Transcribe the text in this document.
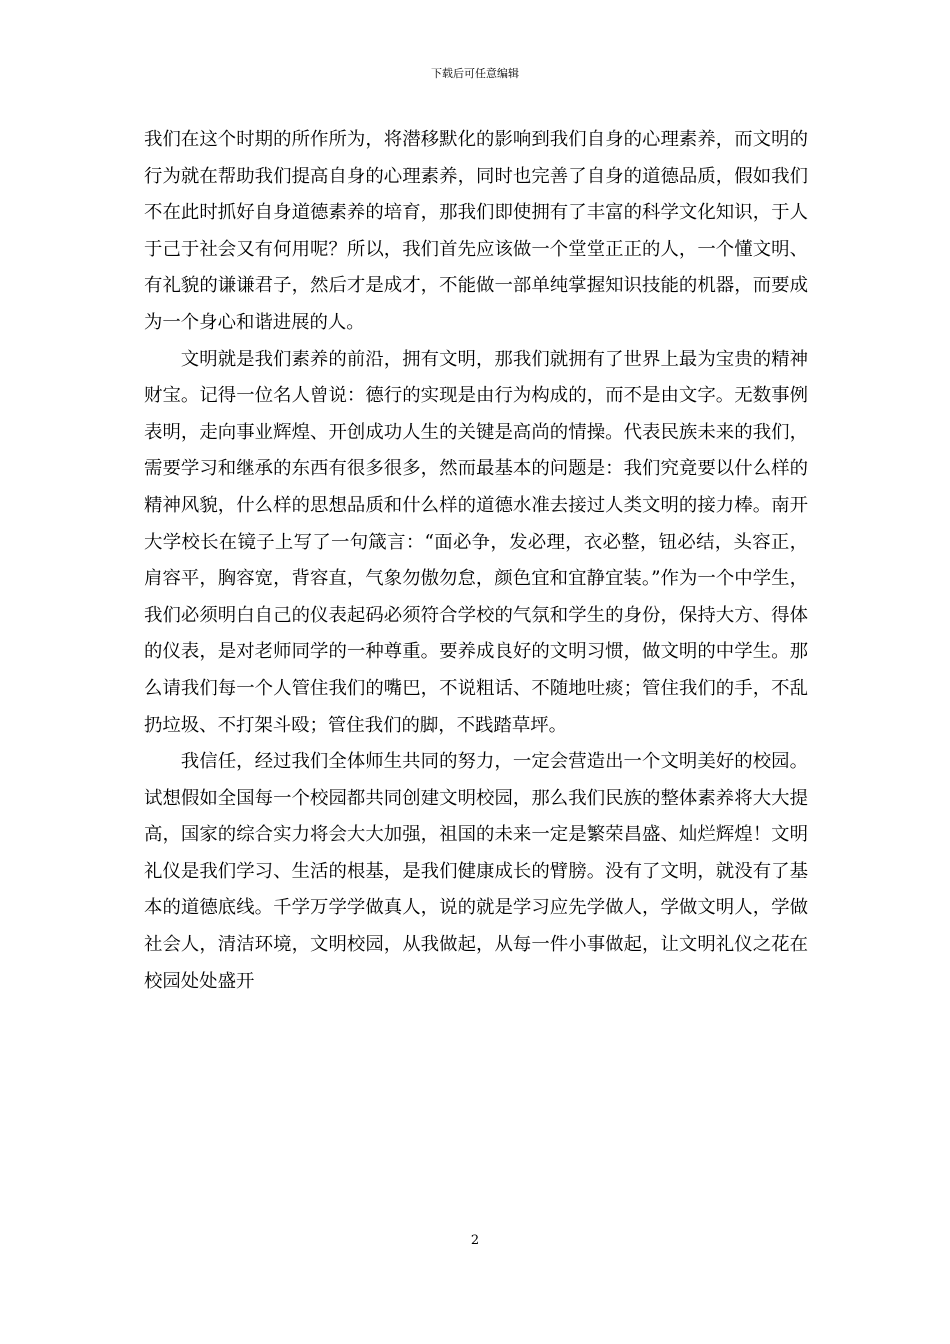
下载后可任意编辑

我们在这个时期的所作所为，将潜移默化的影响到我们自身的心理素养，而文明的行为就在帮助我们提高自身的心理素养，同时也完善了自身的道德品质，假如我们不在此时抓好自身道德素养的培育，那我们即使拥有了丰富的科学文化知识，于人于己于社会又有何用呢？所以，我们首先应该做一个堂堂正正的人，一个懂文明、有礼貌的谦谦君子，然后才是成才，不能做一部单纯掌握知识技能的机器，而要成为一个身心和谐进展的人。

文明就是我们素养的前沿，拥有文明，那我们就拥有了世界上最为宝贵的精神财宝。记得一位名人曾说：德行的实现是由行为构成的，而不是由文字。无数事例表明，走向事业辉煌、开创成功人生的关键是高尚的情操。代表民族未来的我们，需要学习和继承的东西有很多很多，然而最基本的问题是：我们究竟要以什么样的精神风貌，什么样的思想品质和什么样的道德水准去接过人类文明的接力棒。南开大学校长在镜子上写了一句箴言：“面必争，发必理，衣必整，钮必结，头容正，肩容平，胸容宽，背容直，气象勿傲勿怠，颜色宜和宜静宜装。”作为一个中学生，我们必须明白自己的仪表起码必须符合学校的气氛和学生的身份，保持大方、得体的仪表，是对老师同学的一种尊重。要养成良好的文明习惯，做文明的中学生。那么请我们每一个人管住我们的嘴巴，不说粗话、不随地吐痰；管住我们的手，不乱扔垃圾、不打架斗殴；管住我们的脚，不践踏草坪。

我信任，经过我们全体师生共同的努力，一定会营造出一个文明美好的校园。试想假如全国每一个校园都共同创建文明校园，那么我们民族的整体素养将大大提高，国家的综合实力将会大大加强，祖国的未来一定是繁荣昌盛、灿烂辉煌！文明礼仪是我们学习、生活的根基，是我们健康成长的臂膀。没有了文明，就没有了基本的道德底线。千学万学学做真人，说的就是学习应先学做人，学做文明人，学做社会人，清洁环境，文明校园，从我做起，从每一件小事做起，让文明礼仪之花在校园处处盛开

2
